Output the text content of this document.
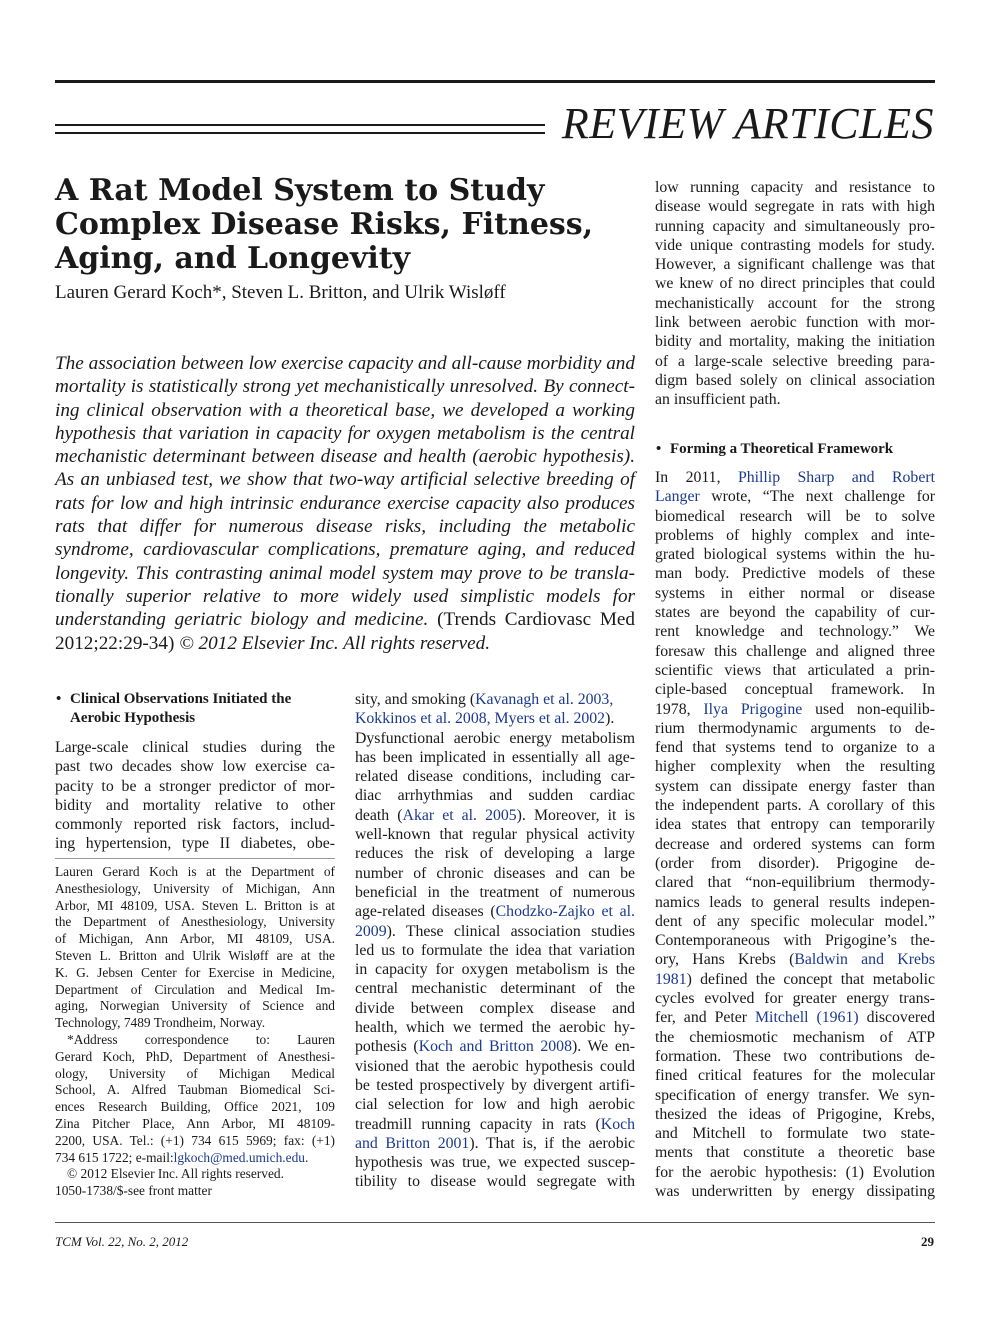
REVIEW ARTICLES
A Rat Model System to Study
Complex Disease Risks, Fitness,
Aging, and Longevity
Lauren Gerard Koch*, Steven L. Britton, and Ulrik Wisløff
The association between low exercise capacity and all-cause morbidity and
mortality is statistically strong yet mechanistically unresolved. By connect-
ing clinical observation with a theoretical base, we developed a working
hypothesis that variation in capacity for oxygen metabolism is the central
mechanistic determinant between disease and health (aerobic hypothesis).
As an unbiased test, we show that two-way artificial selective breeding of
rats for low and high intrinsic endurance exercise capacity also produces
rats that differ for numerous disease risks, including the metabolic
syndrome, cardiovascular complications, premature aging, and reduced
longevity. This contrasting animal model system may prove to be transla-
tionally superior relative to more widely used simplistic models for
understanding geriatric biology and medicine. (Trends Cardiovasc Med
2012;22:29-34) © 2012 Elsevier Inc. All rights reserved.
• Clinical Observations Initiated the
Aerobic Hypothesis
Large-scale clinical studies during the
past two decades show low exercise ca-
pacity to be a stronger predictor of mor-
bidity and mortality relative to other
commonly reported risk factors, includ-
ing hypertension, type II diabetes, obe-
Lauren Gerard Koch is at the Department of
Anesthesiology, University of Michigan, Ann
Arbor, MI 48109, USA. Steven L. Britton is at
the Department of Anesthesiology, University
of Michigan, Ann Arbor, MI 48109, USA.
Steven L. Britton and Ulrik Wisløff are at the
K. G. Jebsen Center for Exercise in Medicine,
Department of Circulation and Medical Im-
aging, Norwegian University of Science and
Technology, 7489 Trondheim, Norway.
*Address correspondence to: Lauren
Gerard Koch, PhD, Department of Anesthesi-
ology, University of Michigan Medical
School, A. Alfred Taubman Biomedical Sci-
ences Research Building, Office 2021, 109
Zina Pitcher Place, Ann Arbor, MI 48109-
2200, USA. Tel.: (+1) 734 615 5969; fax: (+1)
734 615 1722; e-mail:lgkoch@med.umich.edu.
© 2012 Elsevier Inc. All rights reserved.
1050-1738/$-see front matter
sity, and smoking (Kavanagh et al. 2003,
Kokkinos et al. 2008, Myers et al. 2002).
Dysfunctional aerobic energy metabolism
has been implicated in essentially all age-
related disease conditions, including car-
diac arrhythmias and sudden cardiac
death (Akar et al. 2005). Moreover, it is
well-known that regular physical activity
reduces the risk of developing a large
number of chronic diseases and can be
beneficial in the treatment of numerous
age-related diseases (Chodzko-Zajko et al.
2009). These clinical association studies
led us to formulate the idea that variation
in capacity for oxygen metabolism is the
central mechanistic determinant of the
divide between complex disease and
health, which we termed the aerobic hy-
pothesis (Koch and Britton 2008). We en-
visioned that the aerobic hypothesis could
be tested prospectively by divergent artifi-
cial selection for low and high aerobic
treadmill running capacity in rats (Koch
and Britton 2001). That is, if the aerobic
hypothesis was true, we expected suscep-
tibility to disease would segregate with
low running capacity and resistance to
disease would segregate in rats with high
running capacity and simultaneously pro-
vide unique contrasting models for study.
However, a significant challenge was that
we knew of no direct principles that could
mechanistically account for the strong
link between aerobic function with mor-
bidity and mortality, making the initiation
of a large-scale selective breeding para-
digm based solely on clinical association
an insufficient path.
• Forming a Theoretical Framework
In 2011, Phillip Sharp and Robert
Langer wrote, “The next challenge for
biomedical research will be to solve
problems of highly complex and inte-
grated biological systems within the hu-
man body. Predictive models of these
systems in either normal or disease
states are beyond the capability of cur-
rent knowledge and technology.” We
foresaw this challenge and aligned three
scientific views that articulated a prin-
ciple-based conceptual framework. In
1978, Ilya Prigogine used non-equilib-
rium thermodynamic arguments to de-
fend that systems tend to organize to a
higher complexity when the resulting
system can dissipate energy faster than
the independent parts. A corollary of this
idea states that entropy can temporarily
decrease and ordered systems can form
(order from disorder). Prigogine de-
clared that “non-equilibrium thermody-
namics leads to general results indepen-
dent of any specific molecular model.”
Contemporaneous with Prigogine’s the-
ory, Hans Krebs (Baldwin and Krebs
1981) defined the concept that metabolic
cycles evolved for greater energy trans-
fer, and Peter Mitchell (1961) discovered
the chemiosmotic mechanism of ATP
formation. These two contributions de-
fined critical features for the molecular
specification of energy transfer. We syn-
thesized the ideas of Prigogine, Krebs,
and Mitchell to formulate two state-
ments that constitute a theoretic base
for the aerobic hypothesis: (1) Evolution
was underwritten by energy dissipating
TCM Vol. 22, No. 2, 2012	29
